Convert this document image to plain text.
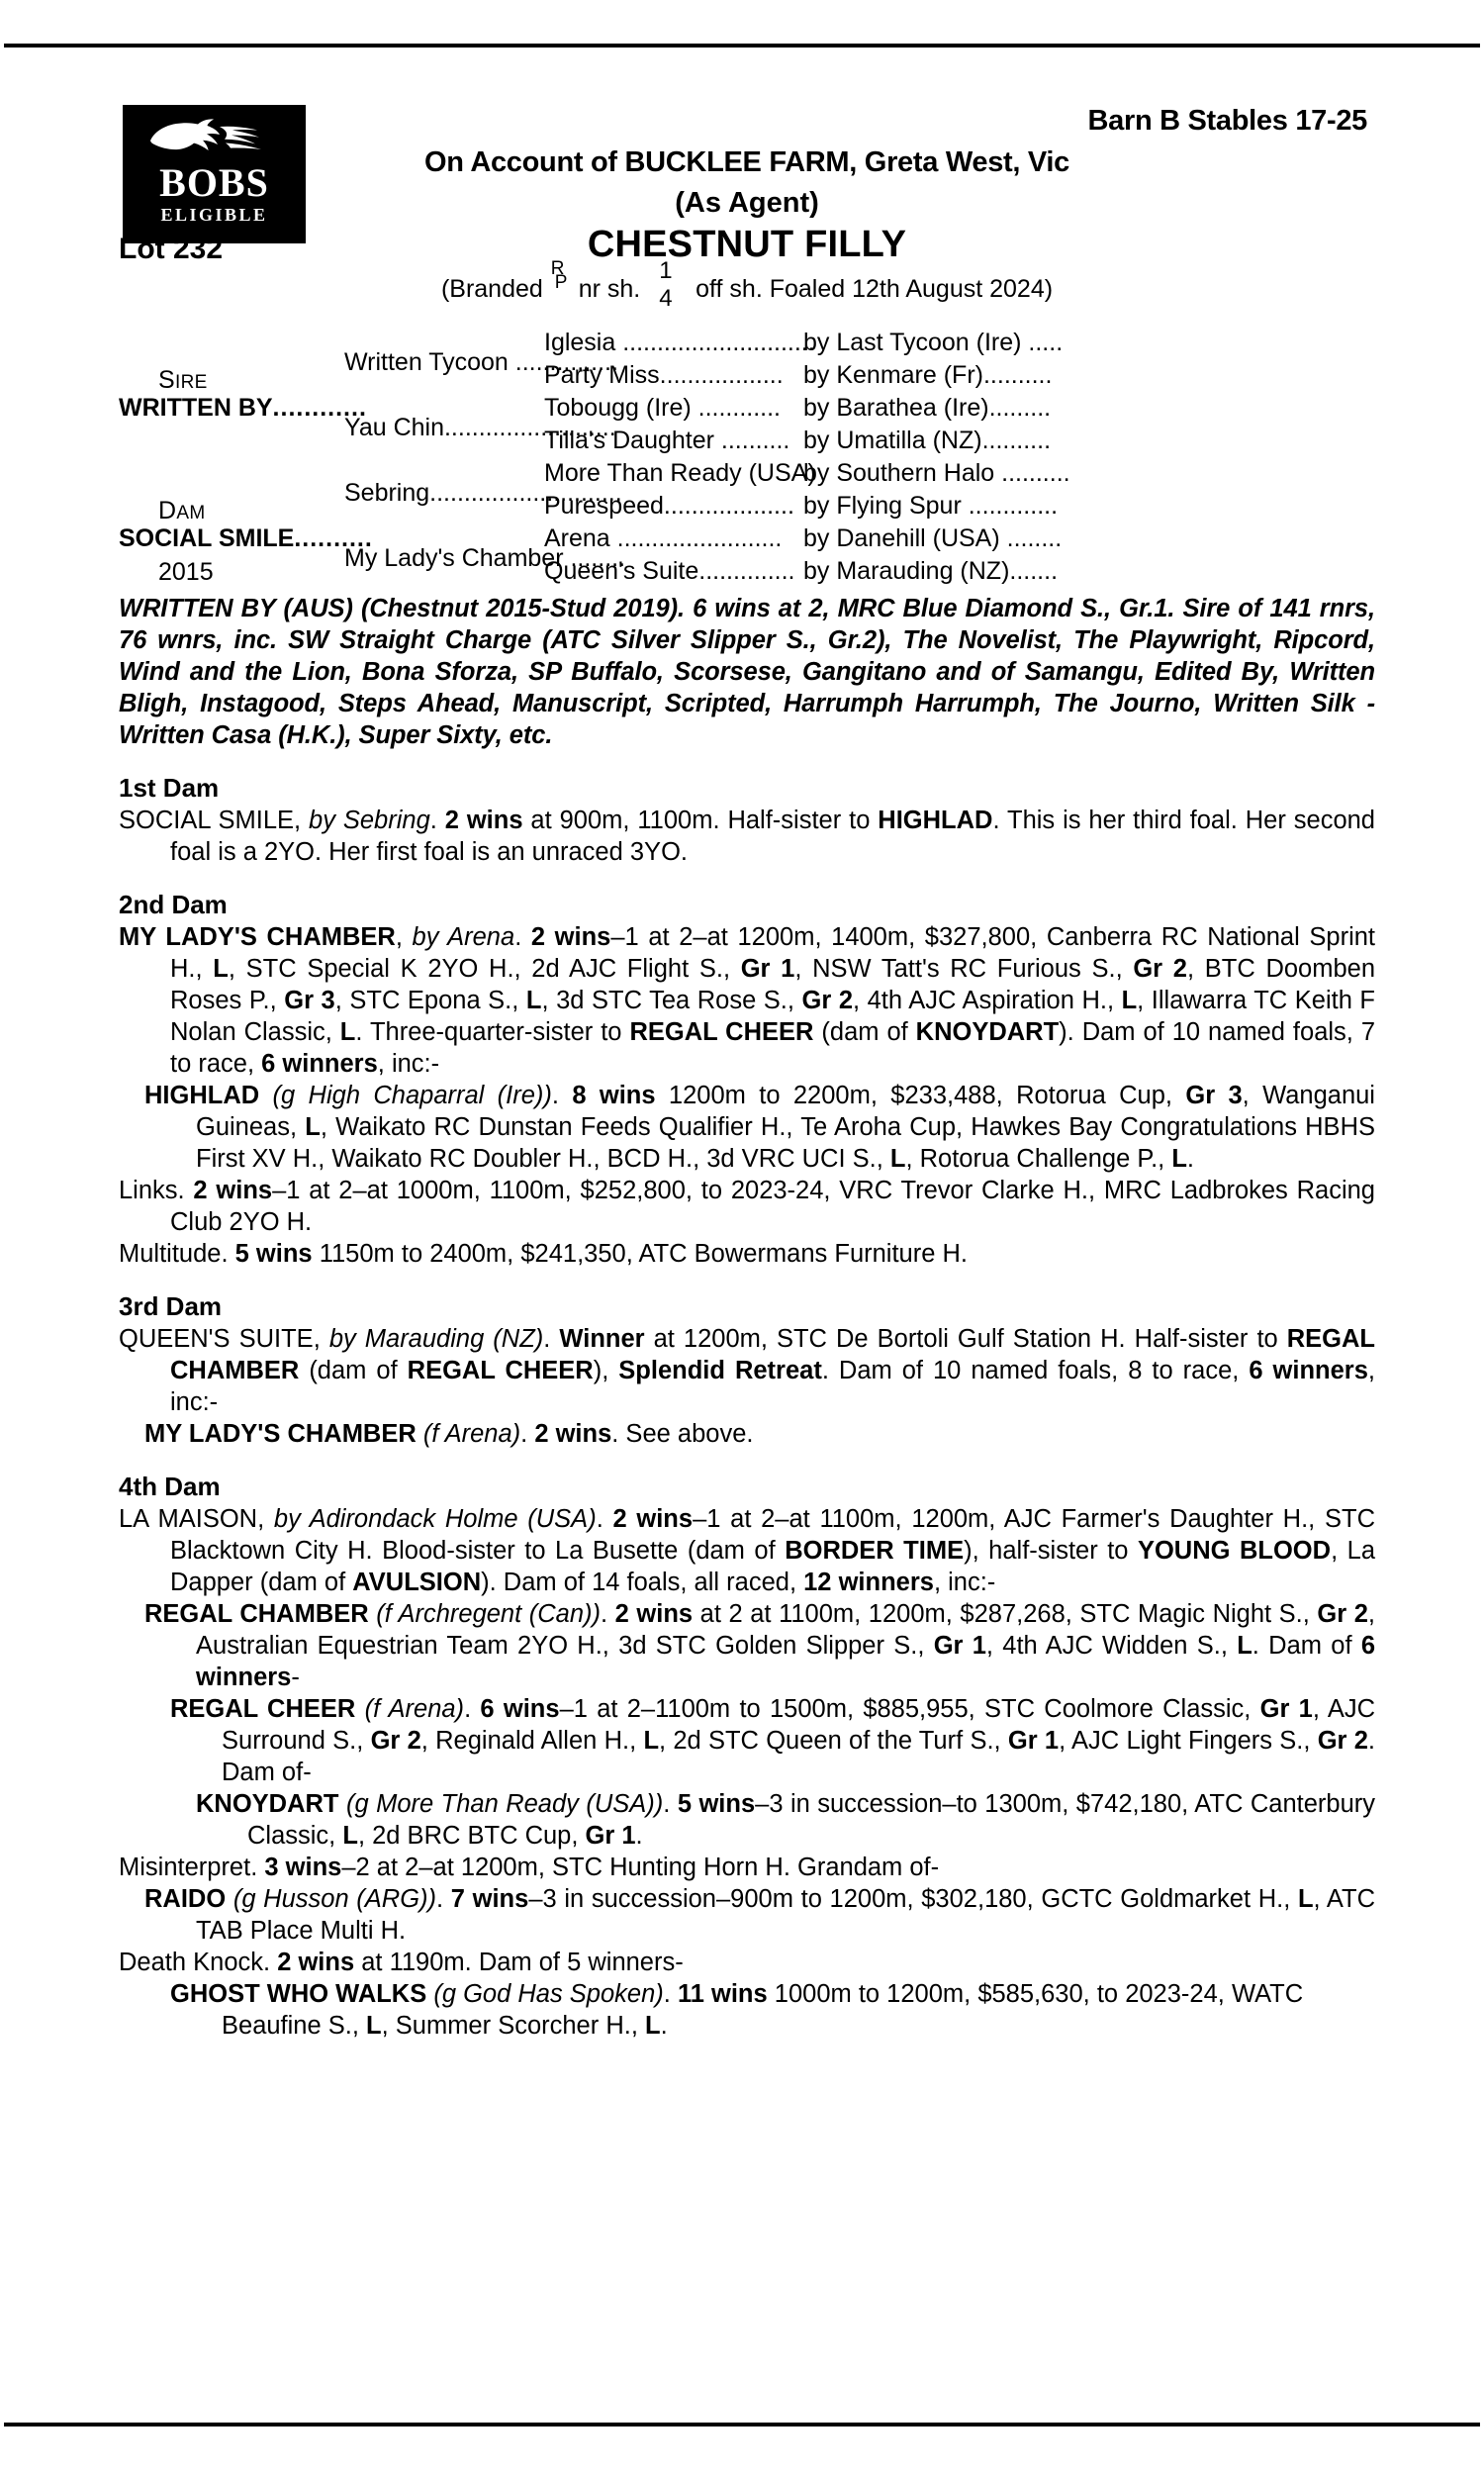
BOBS
ELIGIBLE
Barn B Stables 17-25
On Account of BUCKLEE FARM, Greta West, Vic
(As Agent)
Lot 232	CHESTNUT FILLY
(Branded
R
P nr sh.
1
4 off sh. Foaled 12th August 2024)
SIRE
WRITTEN BY............
DAM
SOCIAL SMILE..........
2015
Written Tycoon ...............
Yau Chin.........................
Sebring............................
My Lady's Chamber ........
Iglesia ............................
Party Miss..................
Tobougg (Ire) ............
Tilla's Daughter ..........
More Than Ready (USA)
Purespeed...................
Arena ........................
Queen's Suite..............
by Last Tycoon (Ire) .....
by Kenmare (Fr)..........
by Barathea (Ire).........
by Umatilla (NZ)..........
by Southern Halo ..........
by Flying Spur .............
by Danehill (USA) ........
by Marauding (NZ).......
WRITTEN BY (AUS) (Chestnut 2015-Stud 2019). 6 wins at 2, MRC Blue Diamond S., Gr.1. Sire of 141 rnrs, 76 wnrs, inc. SW Straight Charge (ATC Silver Slipper S., Gr.2), The Novelist, The Playwright, Ripcord, Wind and the Lion, Bona Sforza, SP Buffalo, Scorsese, Gangitano and of Samangu, Edited By, Written Bligh, Instagood, Steps Ahead, Manuscript, Scripted, Harrumph Harrumph, The Journo, Written Silk - Written Casa (H.K.), Super Sixty, etc.
1st Dam
SOCIAL SMILE, by Sebring. 2 wins at 900m, 1100m. Half-sister to HIGHLAD. This is her third foal. Her second foal is a 2YO. Her first foal is an unraced 3YO.
2nd Dam
MY LADY'S CHAMBER, by Arena. 2 wins–1 at 2–at 1200m, 1400m, $327,800, Canberra RC National Sprint H., L, STC Special K 2YO H., 2d AJC Flight S., Gr 1, NSW Tatt's RC Furious S., Gr 2, BTC Doomben Roses P., Gr 3, STC Epona S., L, 3d STC Tea Rose S., Gr 2, 4th AJC Aspiration H., L, Illawarra TC Keith F Nolan Classic, L. Three-quarter-sister to REGAL CHEER (dam of KNOYDART). Dam of 10 named foals, 7 to race, 6 winners, inc:-
HIGHLAD (g High Chaparral (Ire)). 8 wins 1200m to 2200m, $233,488, Rotorua Cup, Gr 3, Wanganui Guineas, L, Waikato RC Dunstan Feeds Qualifier H., Te Aroha Cup, Hawkes Bay Congratulations HBHS First XV H., Waikato RC Doubler H., BCD H., 3d VRC UCI S., L, Rotorua Challenge P., L.
Links. 2 wins–1 at 2–at 1000m, 1100m, $252,800, to 2023-24, VRC Trevor Clarke H., MRC Ladbrokes Racing Club 2YO H.
Multitude. 5 wins 1150m to 2400m, $241,350, ATC Bowermans Furniture H.
3rd Dam
QUEEN'S SUITE, by Marauding (NZ). Winner at 1200m, STC De Bortoli Gulf Station H. Half-sister to REGAL CHAMBER (dam of REGAL CHEER), Splendid Retreat. Dam of 10 named foals, 8 to race, 6 winners, inc:-
MY LADY'S CHAMBER (f Arena). 2 wins. See above.
4th Dam
LA MAISON, by Adirondack Holme (USA). 2 wins–1 at 2–at 1100m, 1200m, AJC Farmer's Daughter H., STC Blacktown City H. Blood-sister to La Busette (dam of BORDER TIME), half-sister to YOUNG BLOOD, La Dapper (dam of AVULSION). Dam of 14 foals, all raced, 12 winners, inc:-
REGAL CHAMBER (f Archregent (Can)). 2 wins at 2 at 1100m, 1200m, $287,268, STC Magic Night S., Gr 2, Australian Equestrian Team 2YO H., 3d STC Golden Slipper S., Gr 1, 4th AJC Widden S., L. Dam of 6 winners-
REGAL CHEER (f Arena). 6 wins–1 at 2–1100m to 1500m, $885,955, STC Coolmore Classic, Gr 1, AJC Surround S., Gr 2, Reginald Allen H., L, 2d STC Queen of the Turf S., Gr 1, AJC Light Fingers S., Gr 2. Dam of-
KNOYDART (g More Than Ready (USA)). 5 wins–3 in succession–to 1300m, $742,180, ATC Canterbury Classic, L, 2d BRC BTC Cup, Gr 1.
Misinterpret. 3 wins–2 at 2–at 1200m, STC Hunting Horn H. Grandam of-
RAIDO (g Husson (ARG)). 7 wins–3 in succession–900m to 1200m, $302,180, GCTC Goldmarket H., L, ATC TAB Place Multi H.
Death Knock. 2 wins at 1190m. Dam of 5 winners-
GHOST WHO WALKS (g God Has Spoken). 11 wins 1000m to 1200m, $585,630, to 2023-24, WATC Beaufine S., L, Summer Scorcher H., L.
